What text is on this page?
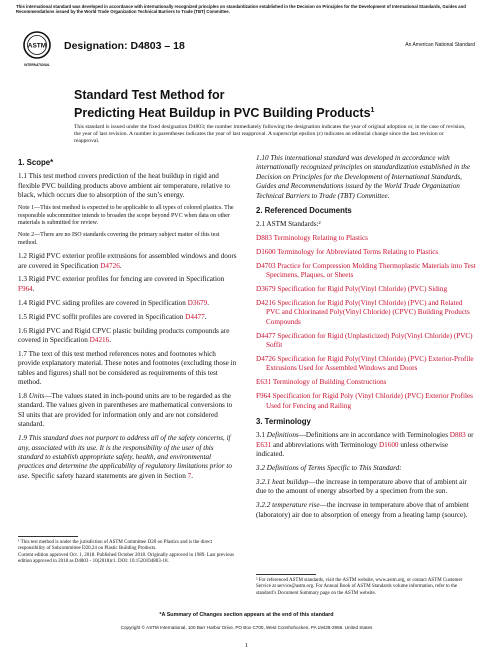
This international standard was developed in accordance with internationally recognized principles on standardization established in the Decision on Principles for the Development of International Standards, Guides and Recommendations issued by the World Trade Organization Technical Barriers to Trade (TBT) Committee.
ASTM
INTERNATIONAL
Designation: D4803 – 18	An American National Standard
Standard Test Method for
Predicting Heat Buildup in PVC Building Products$^1$
This standard is issued under the fixed designation D4803; the number immediately following the designation indicates the year of original adoption or, in the case of revision, the year of last revision. A number in parentheses indicates the year of last reapproval. A superscript epsilon (ε) indicates an editorial change since the last revision or reapproval.
1. Scope*

1.1 This test method covers prediction of the heat buildup in rigid and flexible PVC building products above ambient air temperature, relative to black, which occurs due to absorption of the sun’s energy.

Note 1—This test method is expected to be applicable to all types of colored plastics. The responsible subcommittee intends to broaden the scope beyond PVC when data on other materials is submitted for review.

Note 2—There are no ISO standards covering the primary subject matter of this test method.

1.2 Rigid PVC exterior profile extrusions for assembled windows and doors are covered in Specification D4726.

1.3 Rigid PVC exterior profiles for fencing are covered in Specification F964.

1.4 Rigid PVC siding profiles are covered in Specification D3679.

1.5 Rigid PVC soffit profiles are covered in Specification D4477.

1.6 Rigid PVC and Rigid CPVC plastic building products compounds are covered in Specification D4216.

1.7 The text of this test method references notes and footnotes which provide explanatory material. These notes and footnotes (excluding those in tables and figures) shall not be considered as requirements of this test method.

1.8 Units—The values stated in inch-pound units are to be regarded as the standard. The values given in parentheses are mathematical conversions to SI units that are provided for information only and are not considered standard.

1.9 This standard does not purport to address all of the safety concerns, if any, associated with its use. It is the responsibility of the user of this standard to establish appropriate safety, health, and environmental practices and determine the applicability of regulatory limitations prior to use. Specific safety hazard statements are given in Section 7.

¹ This test method is under the jurisdiction of ASTM Committee D20 on Plastics and is the direct responsibility of Subcommittee D20.24 on Plastic Building Products.
Current edition approved Oct. 1, 2018. Published October 2018. Originally approved in 1989. Last previous edition approved in 2018 as D4803 - 10(2018)ε1. DOI: 10.1520/D4803-18.

1.10 This international standard was developed in accordance with internationally recognized principles on standardization established in the Decision on Principles for the Development of International Standards, Guides and Recommendations issued by the World Trade Organization Technical Barriers to Trade (TBT) Committee.

2. Referenced Documents

2.1 ASTM Standards:²

D883 Terminology Relating to Plastics

D1600 Terminology for Abbreviated Terms Relating to Plastics

D4703 Practice for Compression Molding Thermoplastic Materials into Test Specimens, Plaques, or Sheets

D3679 Specification for Rigid Poly(Vinyl Chloride) (PVC) Siding

D4216 Specification for Rigid Poly(Vinyl Chloride) (PVC) and Related PVC and Chlorinated Poly(Vinyl Chloride) (CPVC) Building Products Compounds

D4477 Specification for Rigid (Unplasticized) Poly(Vinyl Chloride) (PVC) Soffit

D4726 Specification for Rigid Poly(Vinyl Chloride) (PVC) Exterior-Profile Extrusions Used for Assembled Windows and Doors

E631 Terminology of Building Constructions

F964 Specification for Rigid Poly (Vinyl Chloride) (PVC) Exterior Profiles Used for Fencing and Railing

3. Terminology

3.1 Definitions—Definitions are in accordance with Terminologies D883 or E631 and abbreviations with Terminology D1600 unless otherwise indicated.

3.2 Definitions of Terms Specific to This Standard:

3.2.1 heat buildup—the increase in temperature above that of ambient air due to the amount of energy absorbed by a specimen from the sun.

3.2.2 temperature rise—the increase in temperature above that of ambient (laboratory) air due to absorption of energy from a heating lamp (source).

² For referenced ASTM standards, visit the ASTM website, www.astm.org, or contact ASTM Customer Service at service@astm.org. For Annual Book of ASTM Standards volume information, refer to the standard’s Document Summary page on the ASTM website.
*A Summary of Changes section appears at the end of this standard
Copyright © ASTM International, 100 Barr Harbor Drive, PO Box C700, West Conshohocken, PA 19428-2959. United States
1
